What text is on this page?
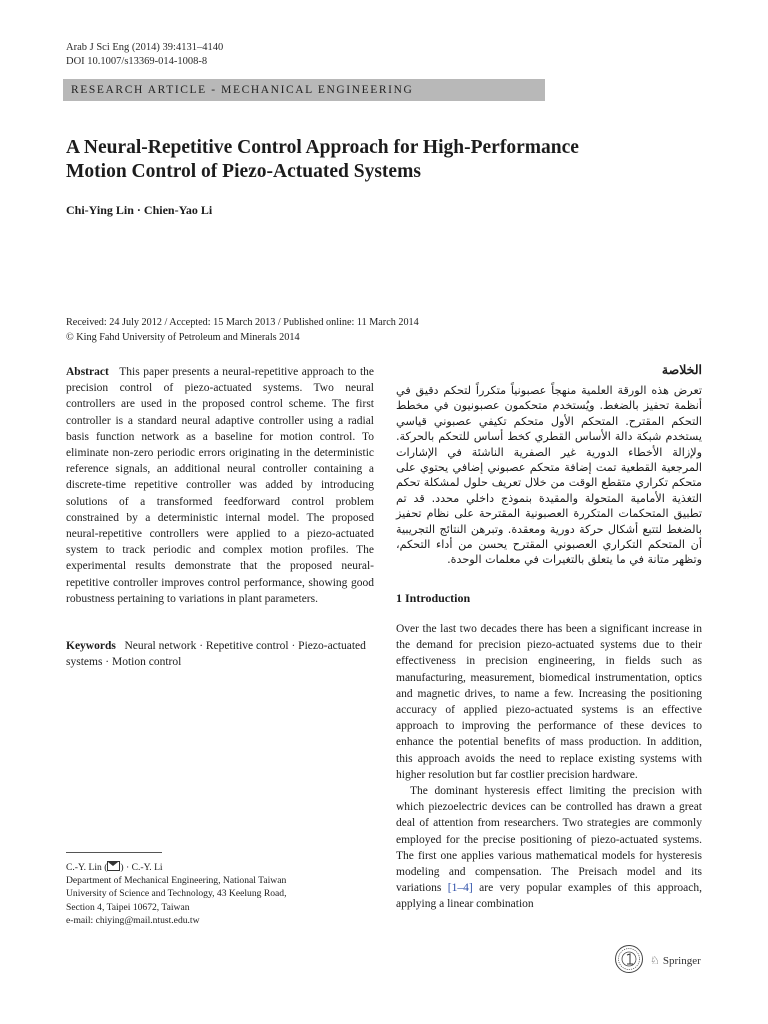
Arab J Sci Eng (2014) 39:4131–4140
DOI 10.1007/s13369-014-1008-8
RESEARCH ARTICLE - MECHANICAL ENGINEERING
A Neural-Repetitive Control Approach for High-Performance
Motion Control of Piezo-Actuated Systems
Chi-Ying Lin · Chien-Yao Li
Received: 24 July 2012 / Accepted: 15 March 2013 / Published online: 11 March 2014
© King Fahd University of Petroleum and Minerals 2014
Abstract This paper presents a neural-repetitive approach to the precision control of piezo-actuated systems. Two neural controllers are used in the proposed control scheme. The first controller is a standard neural adaptive controller using a radial basis function network as a baseline for motion control. To eliminate non-zero periodic errors originating in the deterministic reference signals, an additional neural controller containing a discrete-time repetitive controller was added by introducing solutions of a transformed feedforward control problem constrained by a deterministic internal model. The proposed neural-repetitive controllers were applied to a piezo-actuated system to track periodic and complex motion profiles. The experimental results demonstrate that the proposed neural-repetitive controller improves control performance, showing good robustness pertaining to variations in plant parameters.
Keywords Neural network · Repetitive control · Piezo-actuated systems · Motion control
C.-Y. Lin ( ) · C.-Y. Li
Department of Mechanical Engineering, National Taiwan
University of Science and Technology, 43 Keelung Road,
Section 4, Taipei 10672, Taiwan
e-mail: chiying@mail.ntust.edu.tw
الخلاصة
تعرض هذه الورقة العلمية منهجاً عصبونياً متكرراً لتحكم دقيق في أنظمة تحفيز بالضغط. ويُستخدم متحكمون عصبونيون في مخطط التحكم المقترح. المتحكم الأول متحكم تكيفي عصبوني قياسي يستخدم شبكة دالة الأساس القطري كخط أساس للتحكم بالحركة. ولإزالة الأخطاء الدورية غير الصفرية الناشئة في الإشارات المرجعية القطعية تمت إضافة متحكم عصبوني إضافي يحتوي على متحكم تكراري متقطع الوقت من خلال تعريف حلول لمشكلة تحكم التغذية الأمامية المتحولة والمقيدة بنموذج داخلي محدد. قد تم تطبيق المتحكمات المتكررة العصبونية المقترحة على نظام تحفيز بالضغط لتتبع أشكال حركة دورية ومعقدة. وتبرهن النتائج التجريبية أن المتحكم التكراري العصبوني المقترح يحسن من أداء التحكم، وتظهر متانة في ما يتعلق بالتغيرات في معلمات الوحدة.
1 Introduction

Over the last two decades there has been a significant increase in the demand for precision piezo-actuated systems due to their effectiveness in precision engineering, in fields such as manufacturing, measurement, biomedical instrumentation, optics and magnetic drives, to name a few. Increasing the positioning accuracy of applied piezo-actuated systems is an effective approach to improving the performance of these devices to enhance the potential benefits of mass production. In addition, this approach avoids the need to replace existing systems with higher resolution but far costlier precision hardware.

The dominant hysteresis effect limiting the precision with which piezoelectric devices can be controlled has drawn a great deal of attention from researchers. Two strategies are commonly employed for the precise positioning of piezo-actuated systems. The first one applies various mathematical models for hysteresis modeling and compensation. The Preisach model and its variations [1–4] are very popular examples of this approach, applying a linear combination

♘ Springer
